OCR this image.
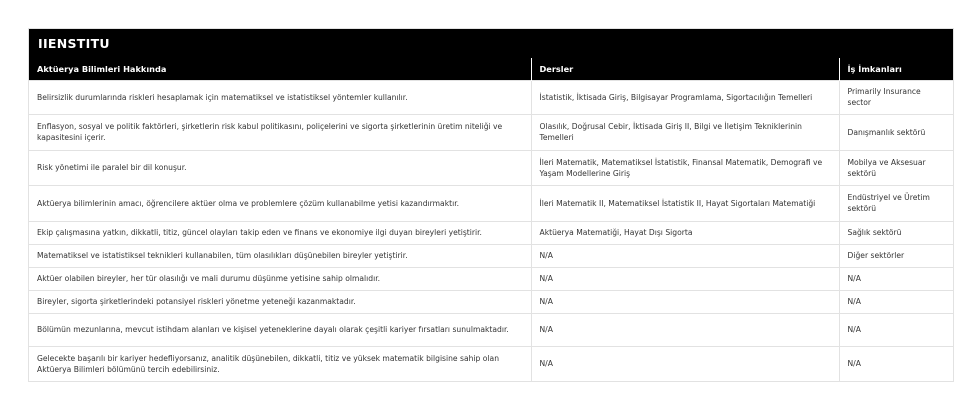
IIENSTITU
Aktüerya Bilimleri Hakkında	Dersler	İş İmkanları
Belirsizlik durumlarında riskleri hesaplamak için matematiksel ve istatistiksel yöntemler kullanılır.	İstatistik, İktisada Giriş, Bilgisayar Programlama, Sigortacılığın Temelleri	Primarily Insurance sector
Enflasyon, sosyal ve politik faktörleri, şirketlerin risk kabul politikasını, poliçelerini ve sigorta şirketlerinin üretim niteliği ve kapasitesini içerir.	Olasılık, Doğrusal Cebir, İktisada Giriş II, Bilgi ve İletişim Tekniklerinin Temelleri	Danışmanlık sektörü
Risk yönetimi ile paralel bir dil konuşur.	İleri Matematik, Matematiksel İstatistik, Finansal Matematik, Demografi ve Yaşam Modellerine Giriş	Mobilya ve Aksesuar sektörü
Aktüerya bilimlerinin amacı, öğrencilere aktüer olma ve problemlere çözüm kullanabilme yetisi kazandırmaktır.	İleri Matematik II, Matematiksel İstatistik II, Hayat Sigortaları Matematiği	Endüstriyel ve Üretim sektörü
Ekip çalışmasına yatkın, dikkatli, titiz, güncel olayları takip eden ve finans ve ekonomiye ilgi duyan bireyleri yetiştirir.	Aktüerya Matematiği, Hayat Dışı Sigorta	Sağlık sektörü
Matematiksel ve istatistiksel teknikleri kullanabilen, tüm olasılıkları düşünebilen bireyler yetiştirir.	N/A	Diğer sektörler
Aktüer olabilen bireyler, her tür olasılığı ve mali durumu düşünme yetisine sahip olmalıdır.	N/A	N/A
Bireyler, sigorta şirketlerindeki potansiyel riskleri yönetme yeteneği kazanmaktadır.	N/A	N/A
Bölümün mezunlarına, mevcut istihdam alanları ve kişisel yeteneklerine dayalı olarak çeşitli kariyer fırsatları sunulmaktadır.	N/A	N/A
Gelecekte başarılı bir kariyer hedefliyorsanız, analitik düşünebilen, dikkatli, titiz ve yüksek matematik bilgisine sahip olan Aktüerya Bilimleri bölümünü tercih edebilirsiniz.	N/A	N/A
